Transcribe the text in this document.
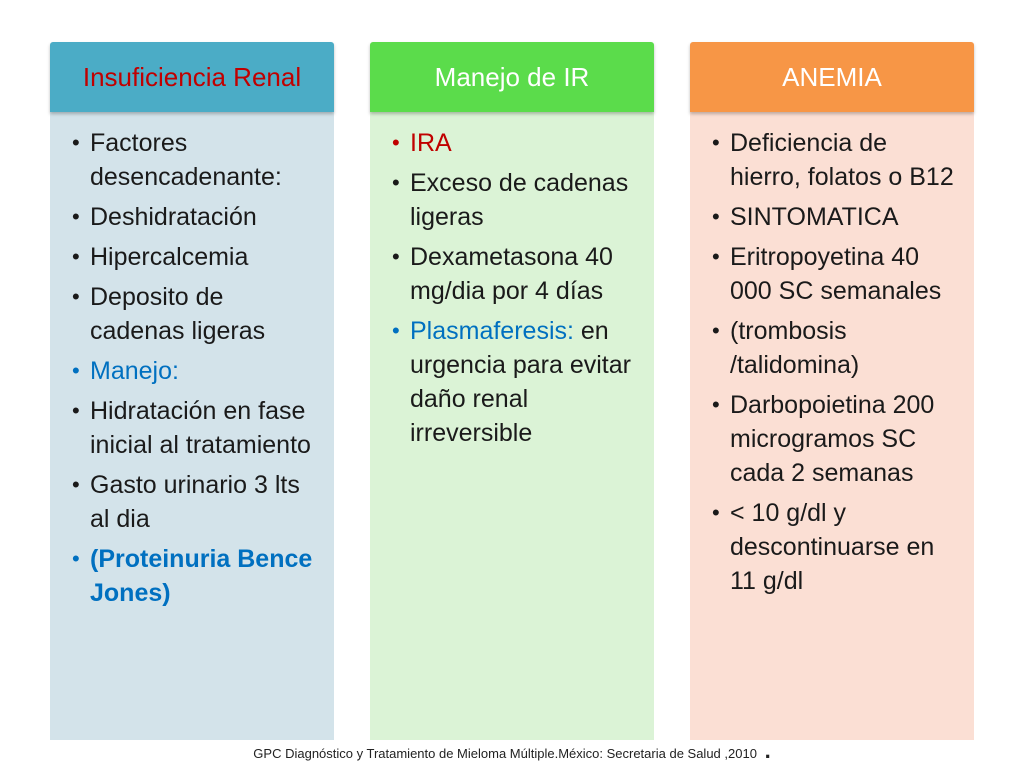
Insuficiencia Renal
• Factores desencadenante:
• Deshidratación
• Hipercalcemia
• Deposito de cadenas ligeras
• Manejo:
• Hidratación en fase inicial al tratamiento
• Gasto urinario 3 lts al dia
• (Proteinuria Bence Jones)
Manejo de IR
• IRA
• Exceso de cadenas ligeras
• Dexametasona 40 mg/dia por 4 días
• Plasmaferesis: en urgencia para evitar daño renal irreversible
ANEMIA
• Deficiencia de hierro, folatos o B12
• SINTOMATICA
• Eritropoyetina 40 000 SC semanales
• (trombosis /talidomina)
• Darbopoietina 200 microgramos SC cada 2 semanas
• < 10 g/dl y descontinuarse en 11 g/dl
GPC Diagnóstico y Tratamiento de Mieloma Múltiple.México: Secretaria de Salud ,2010 .
